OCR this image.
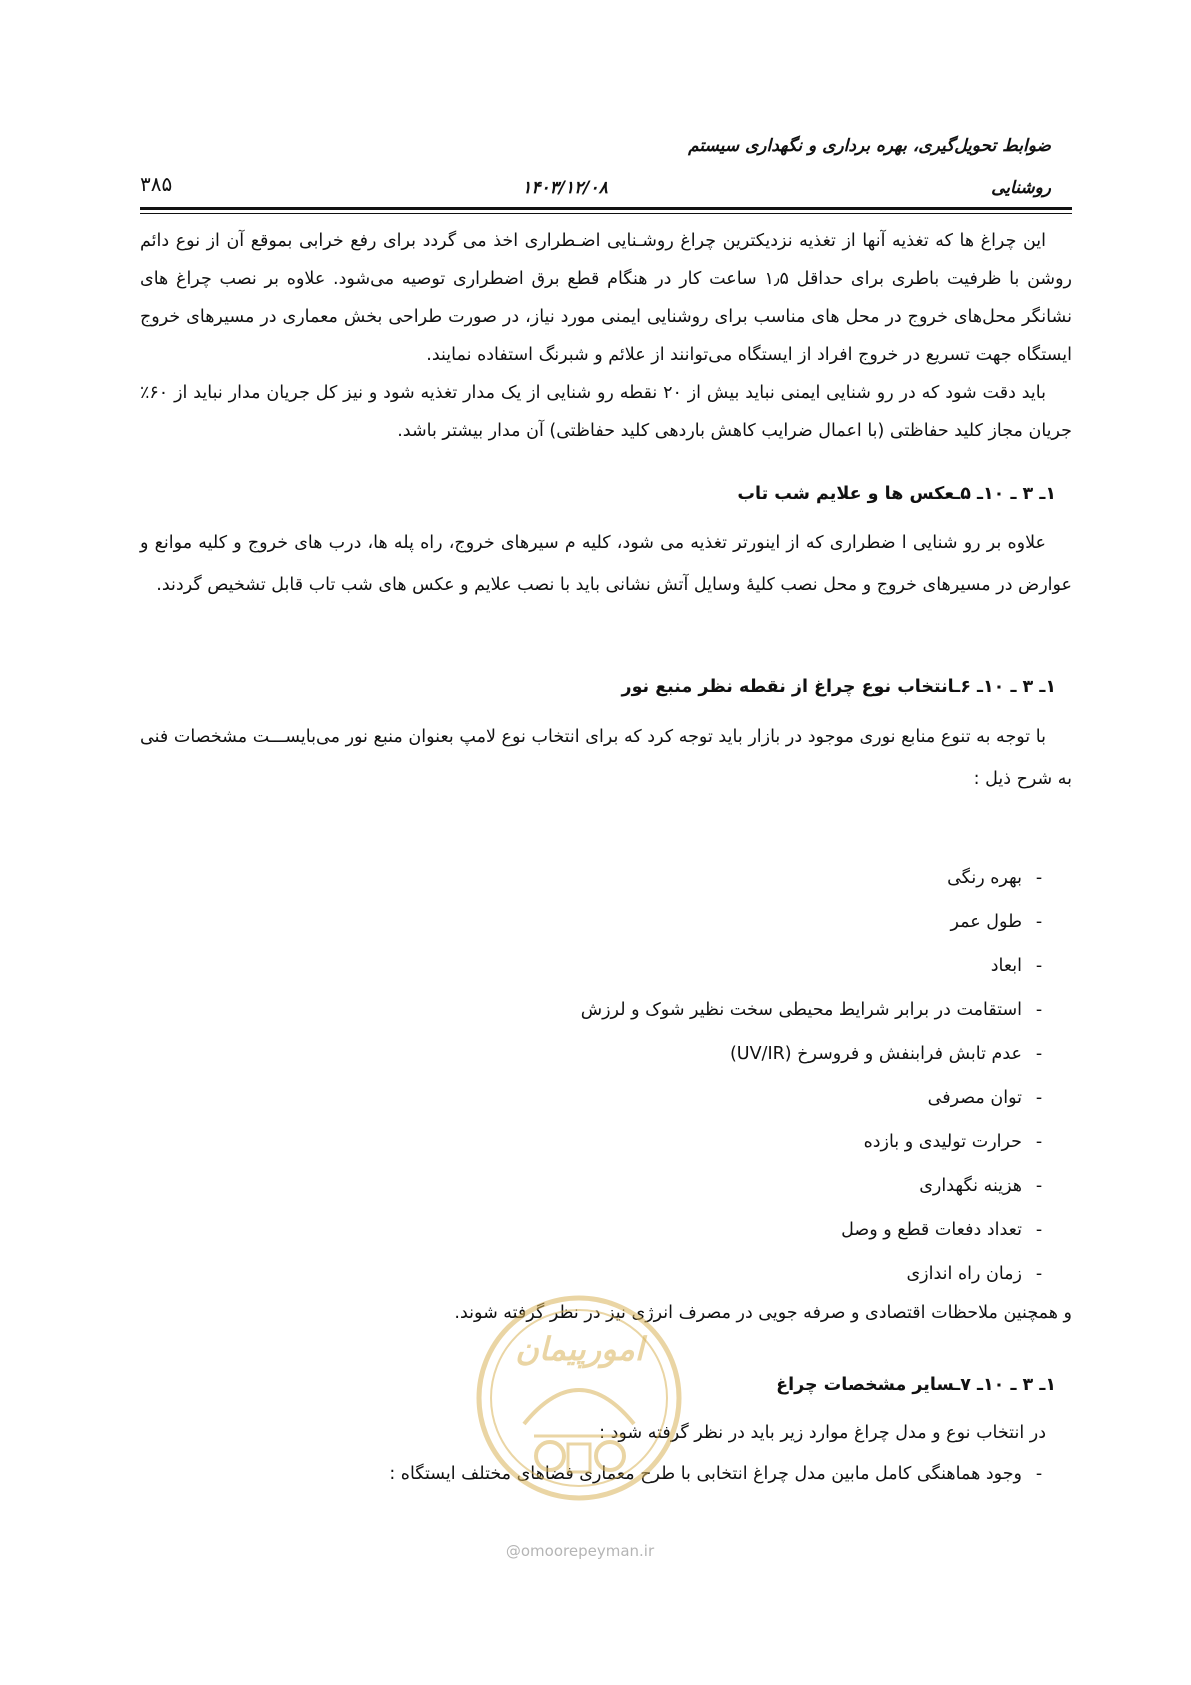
ضوابط تحویل‌گیری، بهره برداری و نگهداری سیستم
روشنایی
۱۴۰۳/۱۲/۰۸
۳۸۵

این چراغ ها که تغذیه آنها از تغذیه نزدیکترین چراغ روشـنایی اضـطراری اخذ می گردد برای رفع خرابی بموقع آن از نوع دائم روشن با ظرفیت باطری برای حداقل ۱٫۵ ساعت کار در هنگام قطع برق اضطراری توصیه می‌شود. علاوه بر نصب چراغ های نشانگر محل‌های خروج در محل های مناسب برای روشنایی ایمنی مورد نیاز، در صورت طراحی بخش معماری در مسیرهای خروج ایستگاه جهت تسریع در خروج افراد از ایستگاه می‌توانند از علائم و شبرنگ استفاده نمایند.

باید دقت شود که در رو شنایی ایمنی نباید بیش از ۲۰ نقطه رو شنایی از یک مدار تغذیه شود و نیز کل جریان مدار نباید از ۶۰٪ جریان مجاز کلید حفاظتی (با اعمال ضرایب کاهش باردهی کلید حفاظتی) آن مدار بیشتر باشد.

۱ـ ۳ ـ ۱۰ـ ۵ـعکس ها و علایم شب تاب

علاوه بر رو شنایی ا ضطراری که از اینورتر تغذیه می شود، کلیه م سیرهای خروج، راه پله ها، درب های خروج و کلیه موانع و عوارض در مسیرهای خروج و محل نصب کلیهٔ وسایل آتش نشانی باید با نصب علایم و عکس های شب تاب قابل تشخیص گردند.

۱ـ ۳ ـ ۱۰ـ ۶ـانتخاب نوع چراغ از نقطه نظر منبع نور

با توجه به تنوع منابع نوری موجود در بازار باید توجه کرد که برای انتخاب نوع لامپ بعنوان منبع نور می‌بایســـت مشخصات فنی به شرح ذیل :

-بهره رنگی
-طول عمر
-ابعاد
-استقامت در برابر شرایط محیطی سخت نظیر شوک و لرزش
-عدم تابش فرابنفش و فروسرخ (UV/IR)
-توان مصرفی
-حرارت تولیدی و بازده
-هزینه نگهداری
-تعداد دفعات قطع و وصل
-زمان راه اندازی

و همچنین ملاحظات اقتصادی و صرفه جویی در مصرف انرژی نیز در نظر گرفته شوند.

۱ـ ۳ ـ ۱۰ـ ۷ـسایر مشخصات چراغ

در انتخاب نوع و مدل چراغ موارد زیر باید در نظر گرفته شود :

-وجود هماهنگی کامل مابین مدل چراغ انتخابی با طرح معماری فضاهای مختلف ایستگاه :
امورپیمان
@omoorepeyman.ir
